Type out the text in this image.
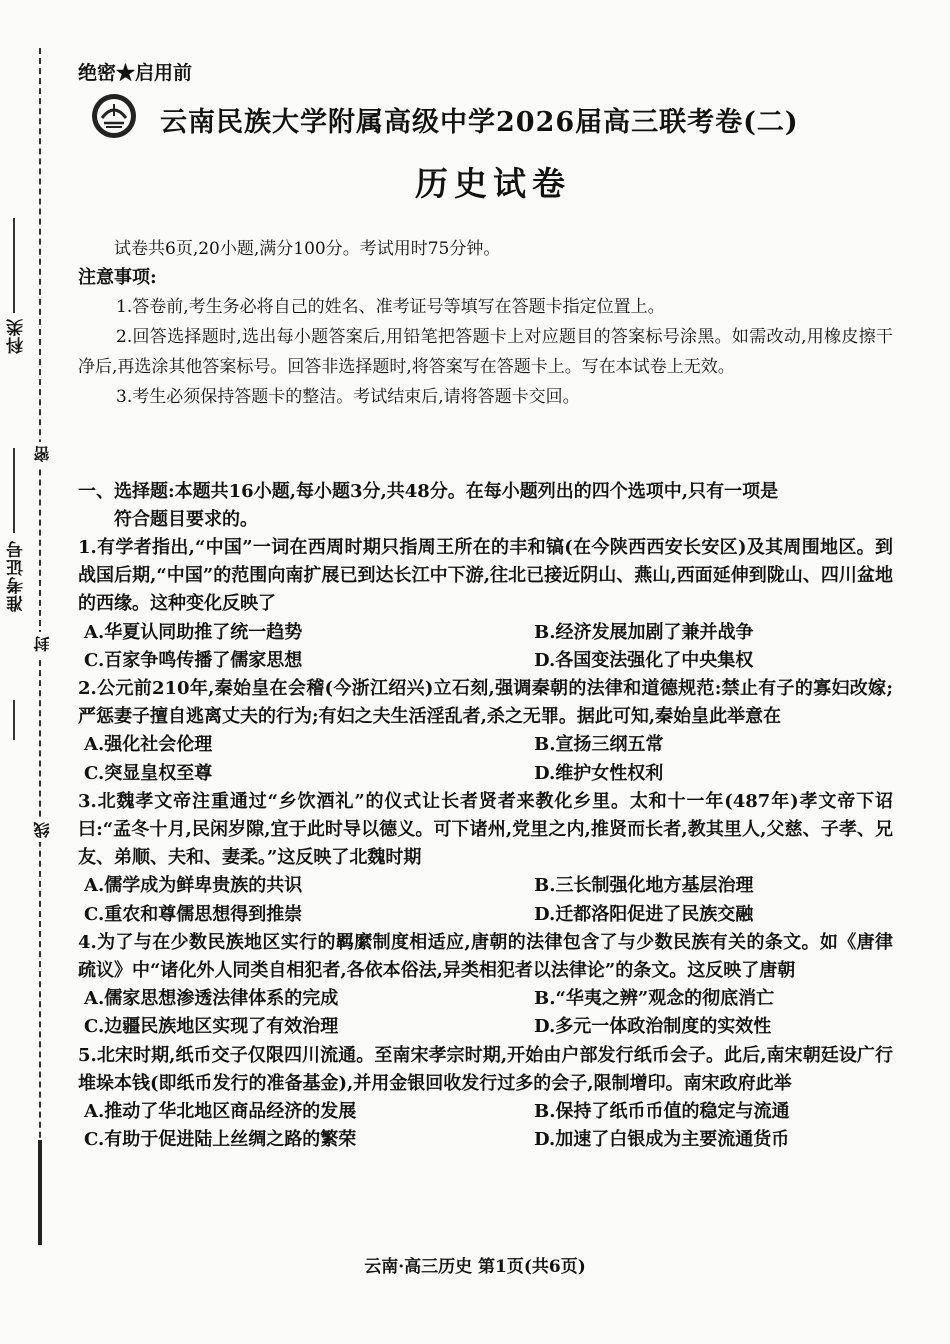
科类
准考证号
密
封
线
绝密★启用前
云南民族大学附属高级中学2026届高三联考卷(二)
历史试卷
试卷共6页,20小题,满分100分。考试用时75分钟。
注意事项:

1.答卷前,考生务必将自己的姓名、准考证号等填写在答题卡指定位置上。

2.回答选择题时,选出每小题答案后,用铅笔把答题卡上对应题目的答案标号涂黑。如需改动,用橡皮擦干净后,再选涂其他答案标号。回答非选择题时,将答案写在答题卡上。写在本试卷上无效。

3.考生必须保持答题卡的整洁。考试结束后,请将答题卡交回。

一、选择题:本题共16小题,每小题3分,共48分。在每小题列出的四个选项中,只有一项是
符合题目要求的。
1.有学者指出,“中国”一词在西周时期只指周王所在的丰和镐(在今陕西西安长安区)及其周围地区。到战国后期,“中国”的范围向南扩展已到达长江中下游,往北已接近阴山、燕山,西面延伸到陇山、四川盆地的西缘。这种变化反映了
A.华夏认同助推了统一趋势	B.经济发展加剧了兼并战争
C.百家争鸣传播了儒家思想	D.各国变法强化了中央集权
2.公元前210年,秦始皇在会稽(今浙江绍兴)立石刻,强调秦朝的法律和道德规范:禁止有子的寡妇改嫁;严惩妻子擅自逃离丈夫的行为;有妇之夫生活淫乱者,杀之无罪。据此可知,秦始皇此举意在
A.强化社会伦理	B.宣扬三纲五常
C.突显皇权至尊	D.维护女性权利
3.北魏孝文帝注重通过“乡饮酒礼”的仪式让长者贤者来教化乡里。太和十一年(487年)孝文帝下诏曰:“孟冬十月,民闲岁隙,宜于此时导以德义。可下诸州,党里之内,推贤而长者,教其里人,父慈、子孝、兄友、弟顺、夫和、妻柔。”这反映了北魏时期
A.儒学成为鲜卑贵族的共识	B.三长制强化地方基层治理
C.重农和尊儒思想得到推崇	D.迁都洛阳促进了民族交融
4.为了与在少数民族地区实行的羁縻制度相适应,唐朝的法律包含了与少数民族有关的条文。如《唐律疏议》中“诸化外人同类自相犯者,各依本俗法,异类相犯者以法律论”的条文。这反映了唐朝
A.儒家思想渗透法律体系的完成	B.“华夷之辨”观念的彻底消亡
C.边疆民族地区实现了有效治理	D.多元一体政治制度的实效性
5.北宋时期,纸币交子仅限四川流通。至南宋孝宗时期,开始由户部发行纸币会子。此后,南宋朝廷设广行堆垛本钱(即纸币发行的准备基金),并用金银回收发行过多的会子,限制增印。南宋政府此举
A.推动了华北地区商品经济的发展	B.保持了纸币币值的稳定与流通
C.有助于促进陆上丝绸之路的繁荣	D.加速了白银成为主要流通货币
云南·高三历史 第1页(共6页)
